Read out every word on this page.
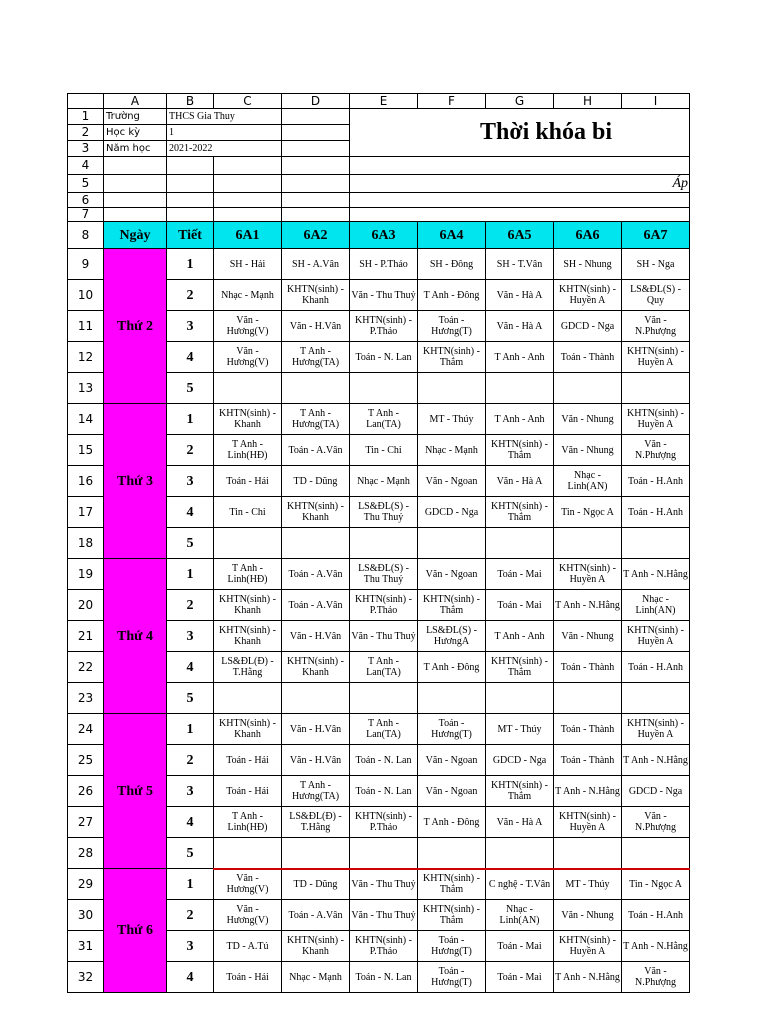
	A	B	C	D	E	F	G	H	I
1	Trường	THCS Gia Thuy			Thời khóa bi				
2	Học kỳ	1							
3	Năm học	2021-2022							
4									
5					Áp				
6									
7									
8	Ngày	Tiết	6A1	6A2	6A3	6A4	6A5	6A6	6A7
9	Thứ 2	1	SH - Hải	SH - A.Vân	SH - P.Thảo	SH - Đông	SH - T.Vân	SH - Nhung	SH - Nga
10		2	Nhạc - Mạnh	KHTN(sinh) - Khanh	Văn - Thu Thuỷ	T Anh - Đông	Văn - Hà A	KHTN(sinh) - Huyền A	LS&ĐL(S) - Quy
11		3	Văn - Hương(V)	Văn - H.Vân	KHTN(sinh) - P.Thảo	Toán - Hương(T)	Văn - Hà A	GDCD - Nga	Văn - N.Phượng
12		4	Văn - Hương(V)	T Anh - Hương(TA)	Toán - N. Lan	KHTN(sinh) - Thắm	T Anh - Anh	Toán - Thành	KHTN(sinh) - Huyền A
13		5							
14	Thứ 3	1	KHTN(sinh) - Khanh	T Anh - Hương(TA)	T Anh - Lan(TA)	MT - Thúy	T Anh - Anh	Văn - Nhung	KHTN(sinh) - Huyền A
15		2	T Anh - Linh(HĐ)	Toán - A.Vân	Tin - Chi	Nhạc - Mạnh	KHTN(sinh) - Thắm	Văn - Nhung	Văn - N.Phượng
16		3	Toán - Hải	TD - Dũng	Nhạc - Mạnh	Văn - Ngoan	Văn - Hà A	Nhạc - Linh(AN)	Toán - H.Anh
17		4	Tin - Chi	KHTN(sinh) - Khanh	LS&ĐL(S) - Thu Thuỷ	GDCD - Nga	KHTN(sinh) - Thắm	Tin - Ngọc A	Toán - H.Anh
18		5							
19	Thứ 4	1	T Anh - Linh(HĐ)	Toán - A.Vân	LS&ĐL(S) - Thu Thuỷ	Văn - Ngoan	Toán - Mai	KHTN(sinh) - Huyền A	T Anh - N.Hằng
20		2	KHTN(sinh) - Khanh	Toán - A.Vân	KHTN(sinh) - P.Thảo	KHTN(sinh) - Thắm	Toán - Mai	T Anh - N.Hằng	Nhạc - Linh(AN)
21		3	KHTN(sinh) - Khanh	Văn - H.Vân	Văn - Thu Thuỷ	LS&ĐL(S) - HươngA	T Anh - Anh	Văn - Nhung	KHTN(sinh) - Huyền A
22		4	LS&ĐL(Đ) - T.Hằng	KHTN(sinh) - Khanh	T Anh - Lan(TA)	T Anh - Đông	KHTN(sinh) - Thắm	Toán - Thành	Toán - H.Anh
23		5							
24	Thứ 5	1	KHTN(sinh) - Khanh	Văn - H.Vân	T Anh - Lan(TA)	Toán - Hương(T)	MT - Thúy	Toán - Thành	KHTN(sinh) - Huyền A
25		2	Toán - Hải	Văn - H.Vân	Toán - N. Lan	Văn - Ngoan	GDCD - Nga	Toán - Thành	T Anh - N.Hằng
26		3	Toán - Hải	T Anh - Hương(TA)	Toán - N. Lan	Văn - Ngoan	KHTN(sinh) - Thắm	T Anh - N.Hằng	GDCD - Nga
27		4	T Anh - Linh(HĐ)	LS&ĐL(Đ) - T.Hằng	KHTN(sinh) - P.Thảo	T Anh - Đông	Văn - Hà A	KHTN(sinh) - Huyền A	Văn - N.Phượng
28		5							
29	Thứ 6	1	Văn - Hương(V)	TD - Dũng	Văn - Thu Thuỷ	KHTN(sinh) - Thắm	C nghệ - T.Vân	MT - Thúy	Tin - Ngọc A
30		2	Văn - Hương(V)	Toán - A.Vân	Văn - Thu Thuỷ	KHTN(sinh) - Thắm	Nhạc - Linh(AN)	Văn - Nhung	Toán - H.Anh
31		3	TD - A.Tú	KHTN(sinh) - Khanh	KHTN(sinh) - P.Thảo	Toán - Hương(T)	Toán - Mai	KHTN(sinh) - Huyền A	T Anh - N.Hằng
32		4	Toán - Hải	Nhạc - Mạnh	Toán - N. Lan	Toán - Hương(T)	Toán - Mai	T Anh - N.Hằng	Văn - N.Phượng
